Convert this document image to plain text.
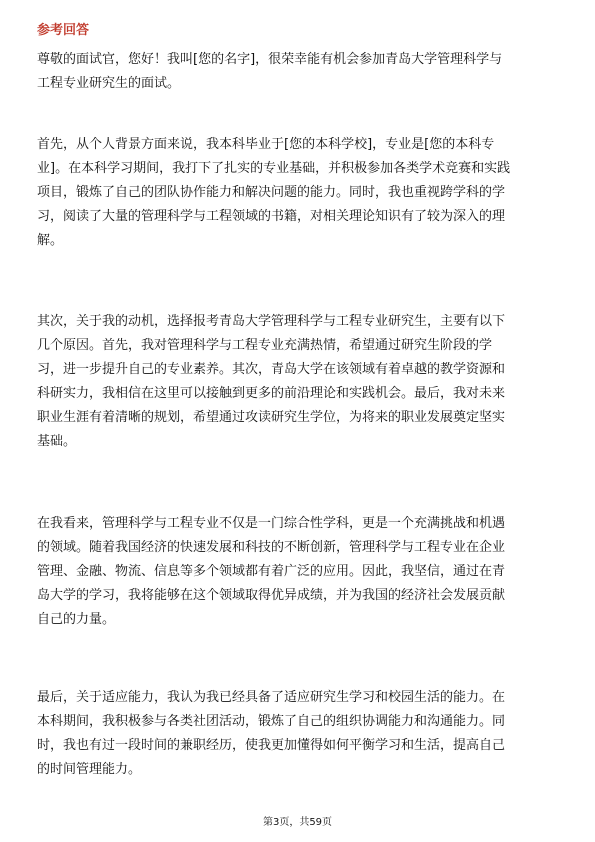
参考回答

尊敬的面试官，您好！我叫[您的名字]，很荣幸能有机会参加青岛大学管理科学与
工程专业研究生的面试。

首先，从个人背景方面来说，我本科毕业于[您的本科学校]，专业是[您的本科专
业]。在本科学习期间，我打下了扎实的专业基础，并积极参加各类学术竞赛和实践
项目，锻炼了自己的团队协作能力和解决问题的能力。同时，我也重视跨学科的学
习，阅读了大量的管理科学与工程领域的书籍，对相关理论知识有了较为深入的理
解。

其次，关于我的动机，选择报考青岛大学管理科学与工程专业研究生，主要有以下
几个原因。首先，我对管理科学与工程专业充满热情，希望通过研究生阶段的学
习，进一步提升自己的专业素养。其次，青岛大学在该领域有着卓越的教学资源和
科研实力，我相信在这里可以接触到更多的前沿理论和实践机会。最后，我对未来
职业生涯有着清晰的规划，希望通过攻读研究生学位，为将来的职业发展奠定坚实
基础。

在我看来，管理科学与工程专业不仅是一门综合性学科，更是一个充满挑战和机遇
的领域。随着我国经济的快速发展和科技的不断创新，管理科学与工程专业在企业
管理、金融、物流、信息等多个领域都有着广泛的应用。因此，我坚信，通过在青
岛大学的学习，我将能够在这个领域取得优异成绩，并为我国的经济社会发展贡献
自己的力量。

最后，关于适应能力，我认为我已经具备了适应研究生学习和校园生活的能力。在
本科期间，我积极参与各类社团活动，锻炼了自己的组织协调能力和沟通能力。同
时，我也有过一段时间的兼职经历，使我更加懂得如何平衡学习和生活，提高自己
的时间管理能力。

第3页，共59页
